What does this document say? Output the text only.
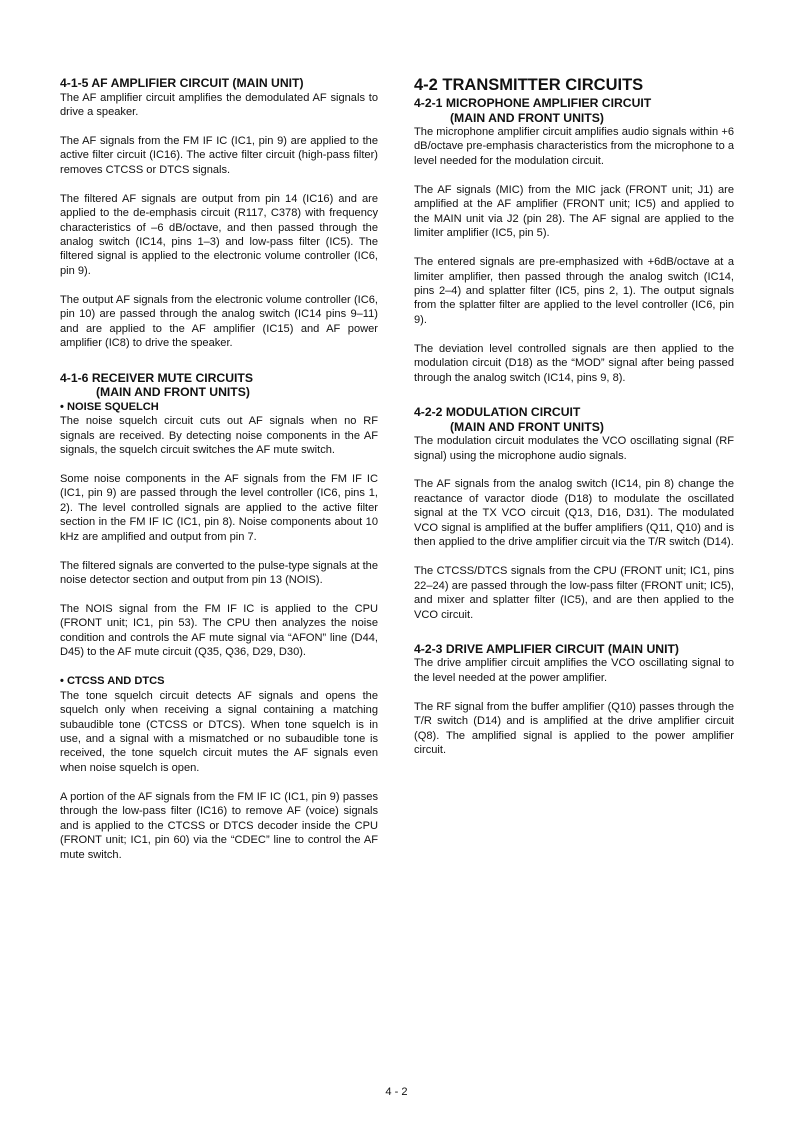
4-1-5 AF AMPLIFIER CIRCUIT (MAIN UNIT)

The AF amplifier circuit amplifies the demodulated AF signals to drive a speaker.

The AF signals from the FM IF IC (IC1, pin 9) are applied to the active filter circuit (IC16). The active filter circuit (high-pass filter) removes CTCSS or DTCS signals.

The filtered AF signals are output from pin 14 (IC16) and are applied to the de-emphasis circuit (R117, C378) with frequency characteristics of –6 dB/octave, and then passed through the analog switch (IC14, pins 1–3) and low-pass filter (IC5). The filtered signal is applied to the electronic volume controller (IC6, pin 9).

The output AF signals from the electronic volume controller (IC6, pin 10) are passed through the analog switch (IC14 pins 9–11) and are applied to the AF amplifier (IC15) and AF power amplifier (IC8) to drive the speaker.

4-1-6 RECEIVER MUTE CIRCUITS
(MAIN AND FRONT UNITS)
• NOISE SQUELCH

The noise squelch circuit cuts out AF signals when no RF signals are received. By detecting noise components in the AF signals, the squelch circuit switches the AF mute switch.

Some noise components in the AF signals from the FM IF IC (IC1, pin 9) are passed through the level controller (IC6, pins 1, 2). The level controlled signals are applied to the active filter section in the FM IF IC (IC1, pin 8). Noise components about 10 kHz are amplified and output from pin 7.

The filtered signals are converted to the pulse-type signals at the noise detector section and output from pin 13 (NOIS).

The NOIS signal from the FM IF IC is applied to the CPU (FRONT unit; IC1, pin 53). The CPU then analyzes the noise condition and controls the AF mute signal via “AFON” line (D44, D45) to the AF mute circuit (Q35, Q36, D29, D30).

• CTCSS AND DTCS

The tone squelch circuit detects AF signals and opens the squelch only when receiving a signal containing a matching subaudible tone (CTCSS or DTCS). When tone squelch is in use, and a signal with a mismatched or no subaudible tone is received, the tone squelch circuit mutes the AF signals even when noise squelch is open.

A portion of the AF signals from the FM IF IC (IC1, pin 9) passes through the low-pass filter (IC16) to remove AF (voice) signals and is applied to the CTCSS or DTCS decoder inside the CPU (FRONT unit; IC1, pin 60) via the “CDEC” line to control the AF mute switch.

4-2 TRANSMITTER CIRCUITS
4-2-1 MICROPHONE AMPLIFIER CIRCUIT
(MAIN AND FRONT UNITS)

The microphone amplifier circuit amplifies audio signals within +6 dB/octave pre-emphasis characteristics from the microphone to a level needed for the modulation circuit.

The AF signals (MIC) from the MIC jack (FRONT unit; J1) are amplified at the AF amplifier (FRONT unit; IC5) and applied to the MAIN unit via J2 (pin 28). The AF signal are applied to the limiter amplifier (IC5, pin 5).

The entered signals are pre-emphasized with +6dB/octave at a limiter amplifier, then passed through the analog switch (IC14, pins 2–4) and splatter filter (IC5, pins 2, 1). The output signals from the splatter filter are applied to the level controller (IC6, pin 9).

The deviation level controlled signals are then applied to the modulation circuit (D18) as the “MOD” signal after being passed through the analog switch (IC14, pins 9, 8).

4-2-2 MODULATION CIRCUIT
(MAIN AND FRONT UNITS)

The modulation circuit modulates the VCO oscillating signal (RF signal) using the microphone audio signals.

The AF signals from the analog switch (IC14, pin 8) change the reactance of varactor diode (D18) to modulate the oscillated signal at the TX VCO circuit (Q13, D16, D31). The modulated VCO signal is amplified at the buffer amplifiers (Q11, Q10) and is then applied to the drive amplifier circuit via the T/R switch (D14).

The CTCSS/DTCS signals from the CPU (FRONT unit; IC1, pins 22–24) are passed through the low-pass filter (FRONT unit; IC5), and mixer and splatter filter (IC5), and are then applied to the VCO circuit.

4-2-3 DRIVE AMPLIFIER CIRCUIT (MAIN UNIT)

The drive amplifier circuit amplifies the VCO oscillating signal to the level needed at the power amplifier.

The RF signal from the buffer amplifier (Q10) passes through the T/R switch (D14) and is amplified at the drive amplifier circuit (Q8). The amplified signal is applied to the power amplifier circuit.

4 - 2
